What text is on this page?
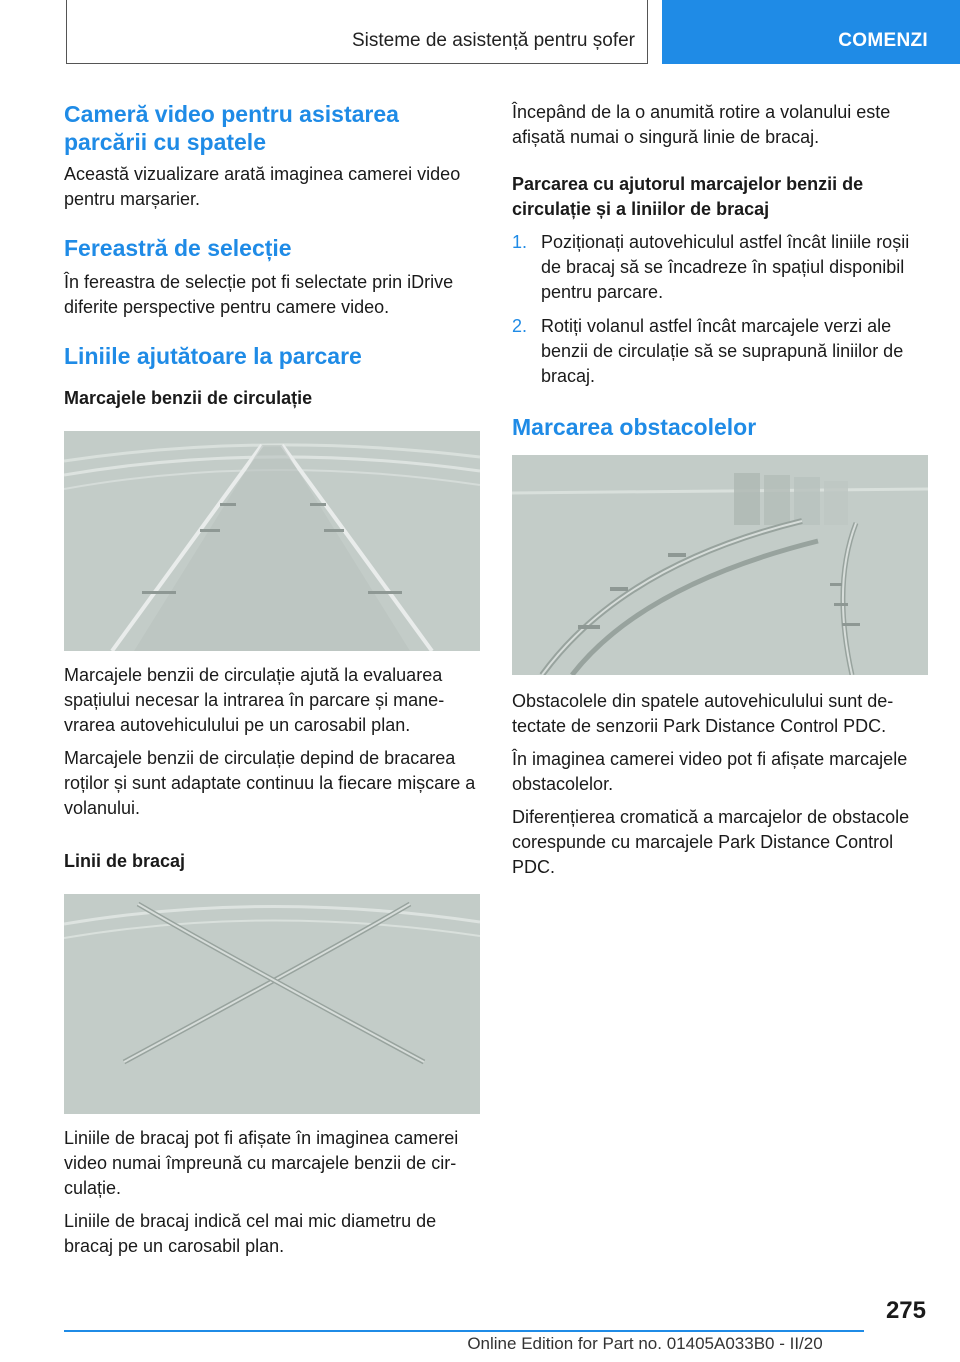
Sisteme de asistență pentru șofer	COMENZI
Cameră video pentru asistarea parcării cu spatele

Această vizualizare arată imaginea camerei video pentru marșarier.

Fereastră de selecție

În fereastra de selecție pot fi selectate prin iDrive diferite perspective pentru camere video.

Liniile ajutătoare la parcare
Marcajele benzii de circulație

Marcajele benzii de circulație ajută la evaluarea spațiului necesar la intrarea în parcare și manevrarea autovehiculului pe un carosabil plan.

Marcajele benzii de circulație depind de bracarea roților și sunt adaptate continuu la fiecare mișcare a volanului.

Linii de bracaj

Liniile de bracaj pot fi afișate în imaginea camerei video numai împreună cu marcajele benzii de circulație.

Liniile de bracaj indică cel mai mic diametru de bracaj pe un carosabil plan.

Începând de la o anumită rotire a volanului este afișată numai o singură linie de bracaj.

Parcarea cu ajutorul marcajelor benzii de circulație și a liniilor de bracaj
1. Poziționați autovehiculul astfel încât liniile roșii de bracaj să se încadreze în spațiul disponibil pentru parcare.
2. Rotiți volanul astfel încât marcajele verzi ale benzii de circulație să se suprapună liniilor de bracaj.
Marcarea obstacolelor

Obstacolele din spatele autovehiculului sunt detectate de senzorii Park Distance Control PDC.

În imaginea camerei video pot fi afișate marcajele obstacolelor.

Diferențierea cromatică a marcajelor de obstacole corespunde cu marcajele Park Distance Control PDC.

275
Online Edition for Part no. 01405A033B0 - II/20
